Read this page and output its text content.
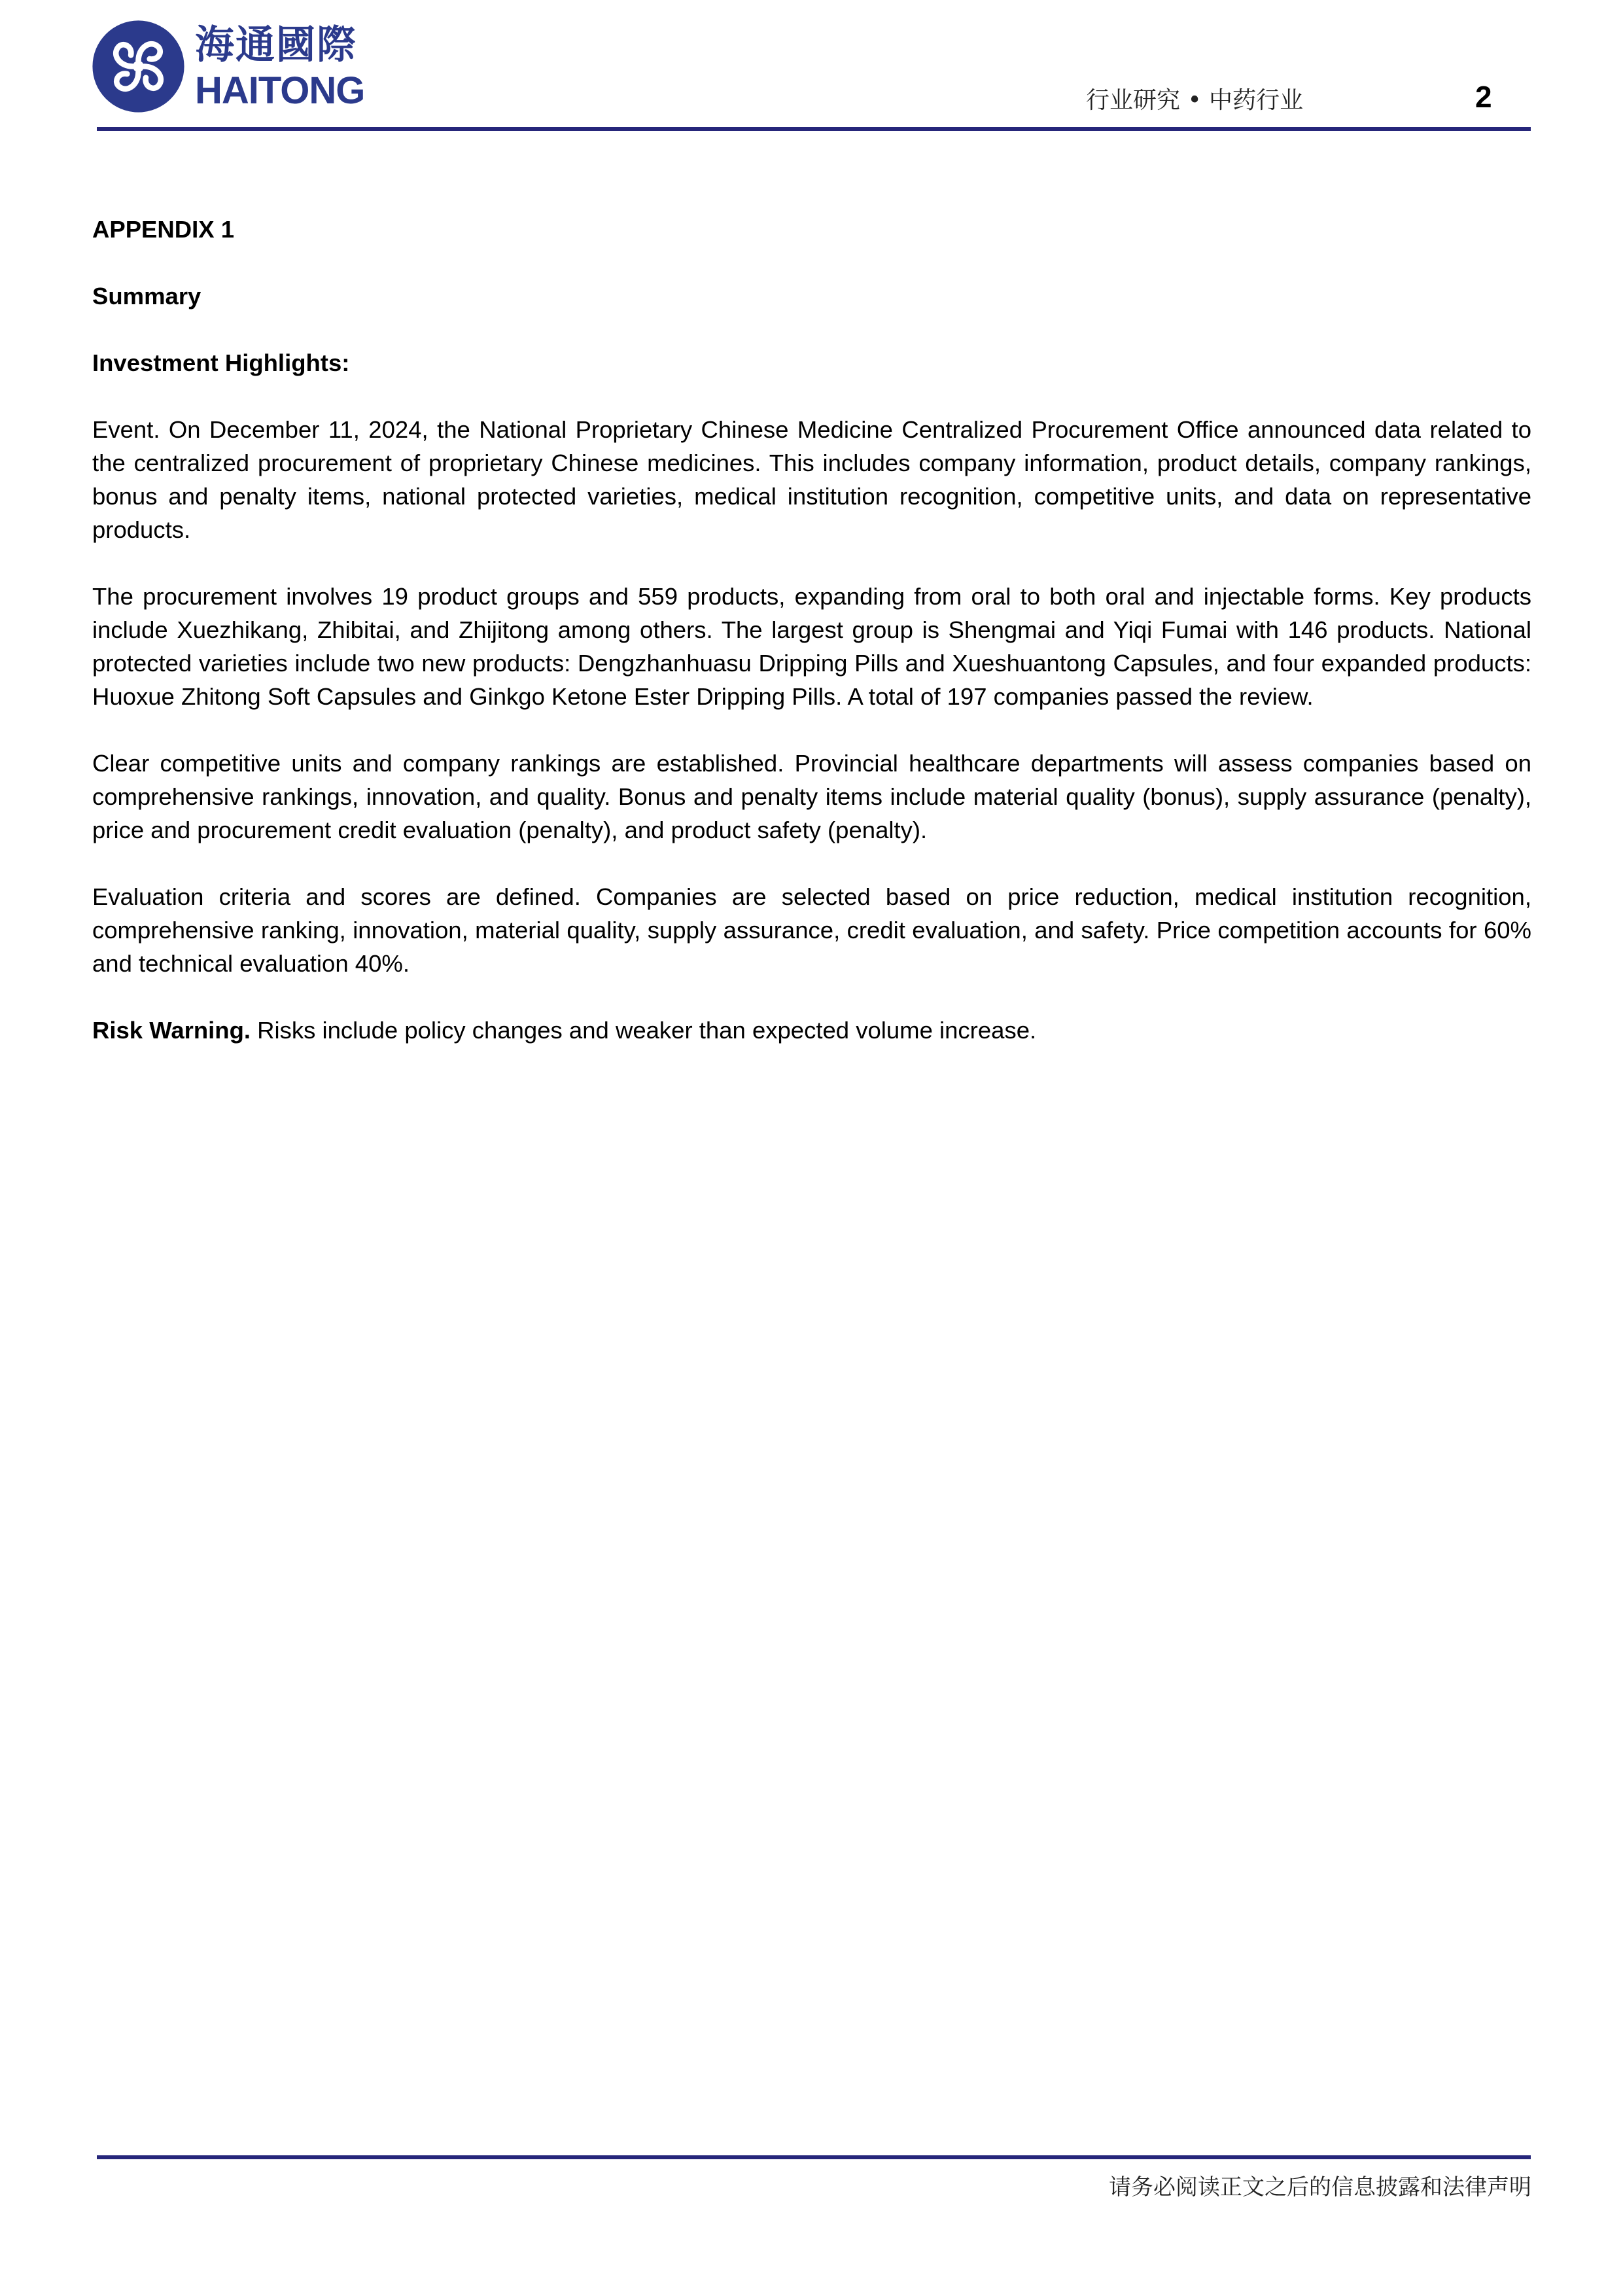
海通國際
HAITONG	行业研究 • 中药行业	2
APPENDIX 1
Summary
Investment Highlights:

Event. On December 11, 2024, the National Proprietary Chinese Medicine Centralized Procurement Office announced data related to the centralized procurement of proprietary Chinese medicines. This includes company information, product details, company rankings, bonus and penalty items, national protected varieties, medical institution recognition, competitive units, and data on representative products.

The procurement involves 19 product groups and 559 products, expanding from oral to both oral and injectable forms. Key products include Xuezhikang, Zhibitai, and Zhijitong among others. The largest group is Shengmai and Yiqi Fumai with 146 products. National protected varieties include two new products: Dengzhanhuasu Dripping Pills and Xueshuantong Capsules, and four expanded products: Huoxue Zhitong Soft Capsules and Ginkgo Ketone Ester Dripping Pills. A total of 197 companies passed the review.

Clear competitive units and company rankings are established. Provincial healthcare departments will assess companies based on comprehensive rankings, innovation, and quality. Bonus and penalty items include material quality (bonus), supply assurance (penalty), price and procurement credit evaluation (penalty), and product safety (penalty).

Evaluation criteria and scores are defined. Companies are selected based on price reduction, medical institution recognition, comprehensive ranking, innovation, material quality, supply assurance, credit evaluation, and safety. Price competition accounts for 60% and technical evaluation 40%.

Risk Warning. Risks include policy changes and weaker than expected volume increase.

请务必阅读正文之后的信息披露和法律声明
